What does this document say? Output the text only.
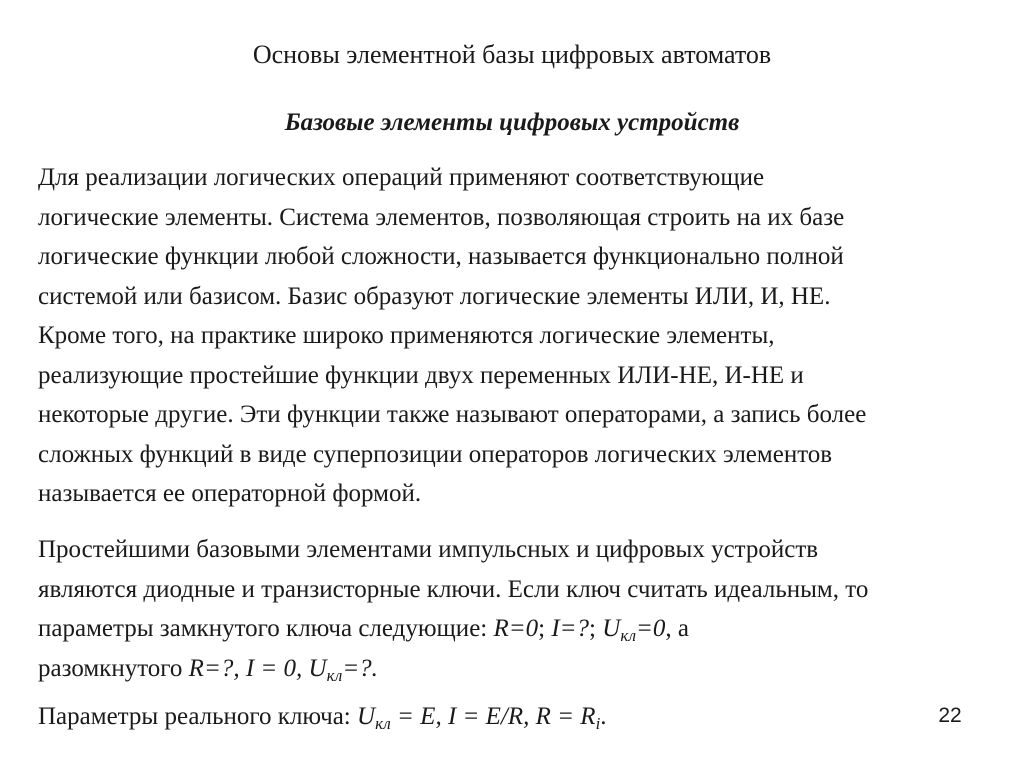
Основы элементной базы цифровых автоматов
Базовые элементы цифровых устройств
Для реализации логических операций применяют соответствующие
логические элементы. Система элементов, позволяющая строить на их базе
логические функции любой сложности, называется функционально полной
системой или базисом. Базис образуют логические элементы ИЛИ, И, НЕ.
Кроме того, на практике широко применяются логические элементы,
реализующие простейшие функции двух переменных ИЛИ-НЕ, И-НЕ и
некоторые другие. Эти функции также называют операторами, а запись более
сложных функций в виде суперпозиции операторов логических элементов
называется ее операторной формой.
Простейшими базовыми элементами импульсных и цифровых устройств
являются диодные и транзисторные ключи. Если ключ считать идеальным, то
параметры замкнутого ключа следующие: R=0; I=?; $U_{кл}=0$, а
разомкнутого R=?, I = 0, $U_{кл}=$?.
Параметры реального ключа: $U_{кл} = E$, I = E/R, $R = R_i$.	22
